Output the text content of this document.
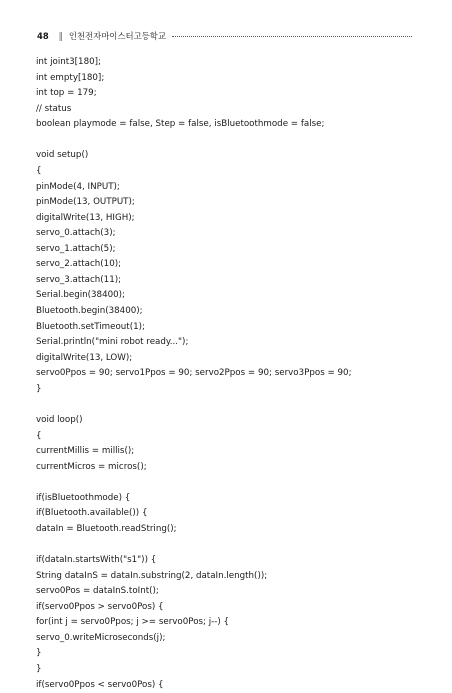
48 ‖ 인천전자마이스터고등학교
int joint3[180];
int empty[180];
int top = 179;
// status
boolean playmode = false, Step = false, isBluetoothmode = false;
void setup()
{
pinMode(4, INPUT);
pinMode(13, OUTPUT);
digitalWrite(13, HIGH);
servo_0.attach(3);
servo_1.attach(5);
servo_2.attach(10);
servo_3.attach(11);
Serial.begin(38400);
Bluetooth.begin(38400);
Bluetooth.setTimeout(1);
Serial.println("mini robot ready...");
digitalWrite(13, LOW);
servo0Ppos = 90; servo1Ppos = 90; servo2Ppos = 90; servo3Ppos = 90;
}
void loop()
{
currentMillis = millis();
currentMicros = micros();
if(isBluetoothmode) {
if(Bluetooth.available()) {
dataIn = Bluetooth.readString();
if(dataIn.startsWith("s1")) {
String dataInS = dataIn.substring(2, dataIn.length());
servo0Pos = dataInS.toInt();
if(servo0Ppos > servo0Pos) {
for(int j = servo0Ppos; j >= servo0Pos; j--) {
servo_0.writeMicroseconds(j);
}
}
if(servo0Ppos < servo0Pos) {
